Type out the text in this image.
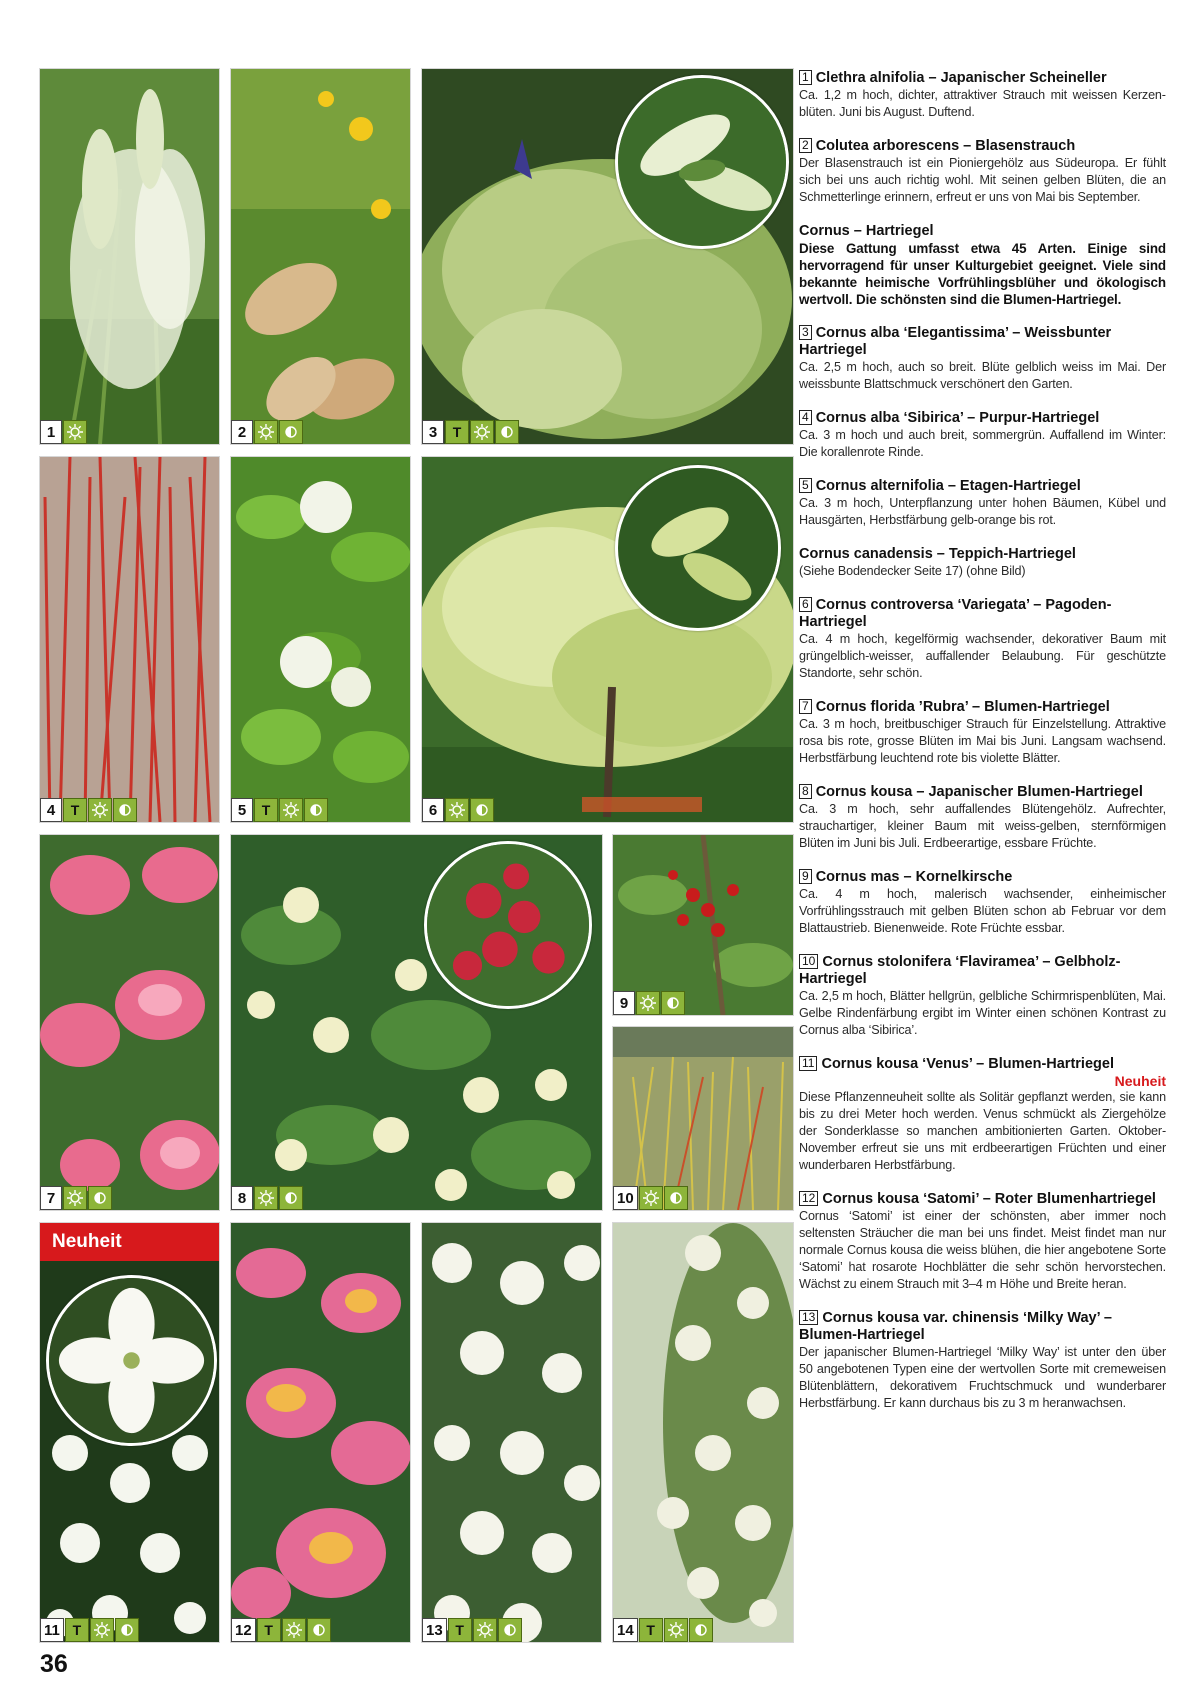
1	2	3	T
4	T	5	T	6
7	8
9
10
Neuheit
11 T	12 T	13 T	14 T
1 Clethra alnifolia – Japanischer Scheineller
Ca. 1,2 m hoch, dichter, attraktiver Strauch mit weissen Kerzenblüten. Juni bis August. Duftend.
2 Colutea arborescens – Blasenstrauch
Der Blasenstrauch ist ein Pioniergehölz aus Südeuropa. Er fühlt sich bei uns auch richtig wohl. Mit seinen gelben Blüten, die an Schmetterlinge erinnern, erfreut er uns von Mai bis September.
Cornus – Hartriegel
Diese Gattung umfasst etwa 45 Arten. Einige sind hervorragend für unser Kulturgebiet geeignet. Viele sind bekannte heimische Vorfrühlingsblüher und ökologisch wertvoll. Die schönsten sind die Blumen-Hartriegel.
3 Cornus alba ‘Elegantissima’ – Weissbunter Hartriegel
Ca. 2,5 m hoch, auch so breit. Blüte gelblich weiss im Mai. Der weissbunte Blattschmuck verschönert den Garten.
4 Cornus alba ‘Sibirica’ – Purpur-Hartriegel
Ca. 3 m hoch und auch breit, sommergrün. Auffallend im Winter: Die korallenrote Rinde.
5 Cornus alternifolia – Etagen-Hartriegel
Ca. 3 m hoch, Unterpflanzung unter hohen Bäumen, Kübel und Hausgärten, Herbstfärbung gelb-orange bis rot.
Cornus canadensis – Teppich-Hartriegel
(Siehe Bodendecker Seite 17) (ohne Bild)
6 Cornus controversa ‘Variegata’ – Pagoden-Hartriegel
Ca. 4 m hoch, kegelförmig wachsender, dekorativer Baum mit grüngelblich-weisser, auffallender Belaubung. Für geschützte Standorte, sehr schön.
7 Cornus florida ’Rubra’ – Blumen-Hartriegel
Ca. 3 m hoch, breitbuschiger Strauch für Einzelstellung. Attraktive rosa bis rote, grosse Blüten im Mai bis Juni. Langsam wachsend. Herbstfärbung leuchtend rote bis violette Blätter.
8 Cornus kousa – Japanischer Blumen-Hartriegel
Ca. 3 m hoch, sehr auffallendes Blütengehölz. Aufrechter, strauchartiger, kleiner Baum mit weiss-gelben, sternförmigen Blüten im Juni bis Juli. Erdbeerartige, essbare Früchte.
9 Cornus mas – Kornelkirsche
Ca. 4 m hoch, malerisch wachsender, einheimischer Vorfrühlingsstrauch mit gelben Blüten schon ab Februar vor dem Blattaustrieb. Bienenweide. Rote Früchte essbar.
10 Cornus stolonifera ‘Flaviramea’ – Gelbholz-Hartriegel
Ca. 2,5 m hoch, Blätter hellgrün, gelbliche Schirmrispenblüten, Mai. Gelbe Rindenfärbung ergibt im Winter einen schönen Kontrast zu Cornus alba ‘Sibirica’.
11 Cornus kousa ‘Venus’ – Blumen-Hartriegel
Neuheit
Diese Pflanzenneuheit sollte als Solitär gepflanzt werden, sie kann bis zu drei Meter hoch werden. Venus schmückt als Ziergehölze der Sonderklasse so manchen ambitionierten Garten. Oktober-November erfreut sie uns mit erdbeerartigen Früchten und einer wunderbaren Herbstfärbung.
12 Cornus kousa ‘Satomi’ – Roter Blumenhartriegel
Cornus ‘Satomi’ ist einer der schönsten, aber immer noch seltensten Sträucher die man bei uns findet. Meist findet man nur normale Cornus kousa die weiss blühen, die hier angebotene Sorte ‘Satomi’ hat rosarote Hochblätter die sehr schön hervorstechen. Wächst zu einem Strauch mit 3–4 m Höhe und Breite heran.
13 Cornus kousa var. chinensis ‘Milky Way’ – Blumen-Hartriegel
Der japanischer Blumen-Hartriegel ‘Milky Way’ ist unter den über 50 angebotenen Typen eine der wertvollen Sorte mit cremeweisen Blütenblättern, dekorativem Fruchtschmuck und wunderbarer Herbstfärbung. Er kann durchaus bis zu 3 m heranwachsen.
36
